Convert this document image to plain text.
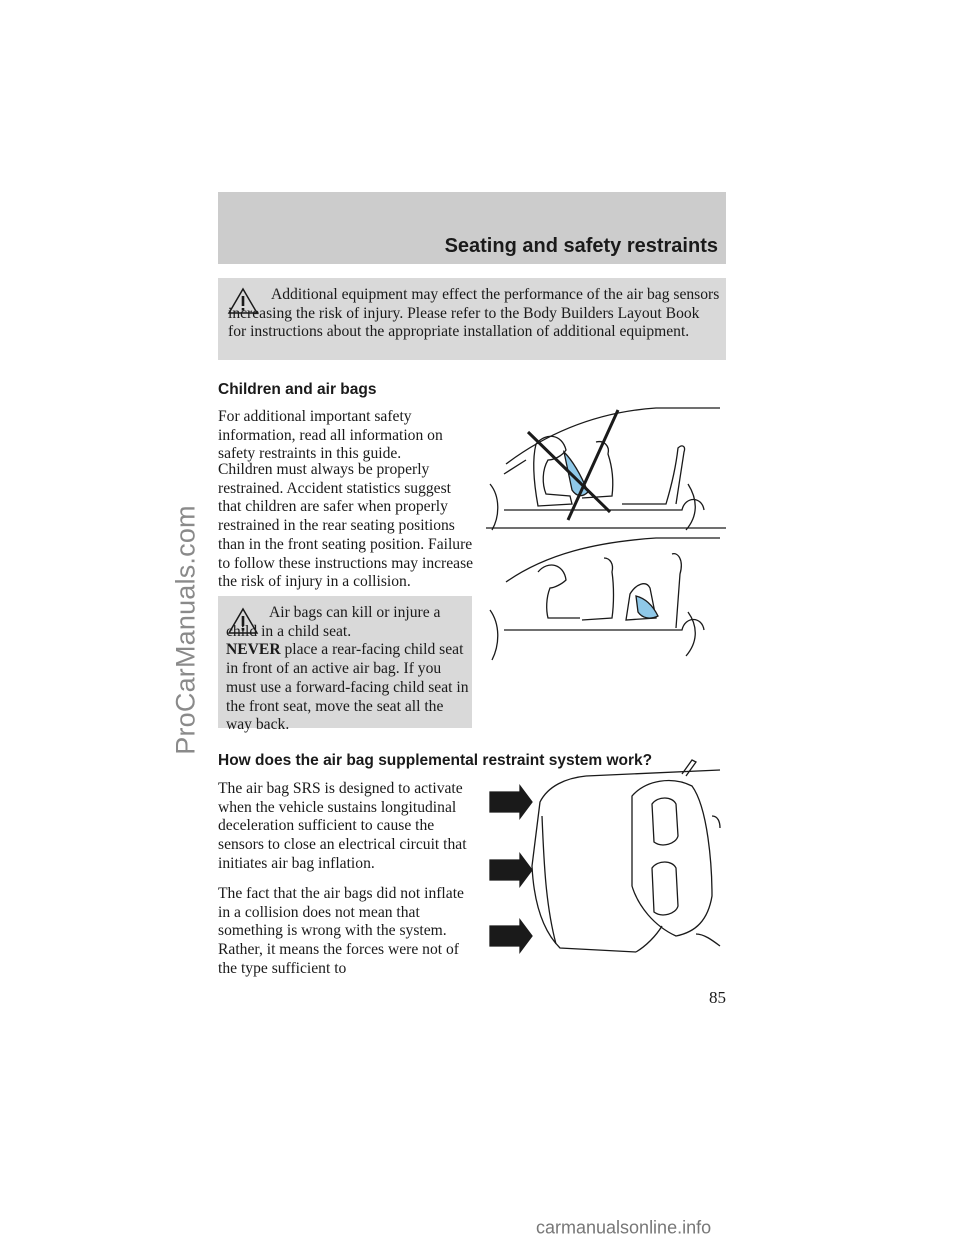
ProCarManuals.com
Seating and safety restraints

Additional equipment may effect the performance of the air bag sensors increasing the risk of injury. Please refer to the Body Builders Layout Book for instructions about the appropriate installation of additional equipment.

Children and air bags

For additional important safety information, read all information on safety restraints in this guide.

Children must always be properly restrained. Accident statistics suggest that children are safer when properly restrained in the rear seating positions than in the front seating position. Failure to follow these instructions may increase the risk of injury in a collision.

Air bags can kill or injure a child in a child seat.
NEVER place a rear-facing child seat in front of an active air bag. If you must use a forward-facing child seat in the front seat, move the seat all the way back.

How does the air bag supplemental restraint system work?

The air bag SRS is designed to activate when the vehicle sustains longitudinal deceleration sufficient to cause the sensors to close an electrical circuit that initiates air bag inflation.

The fact that the air bags did not inflate in a collision does not mean that something is wrong with the system. Rather, it means the forces were not of the type sufficient to

85
carmanualsonline.info
